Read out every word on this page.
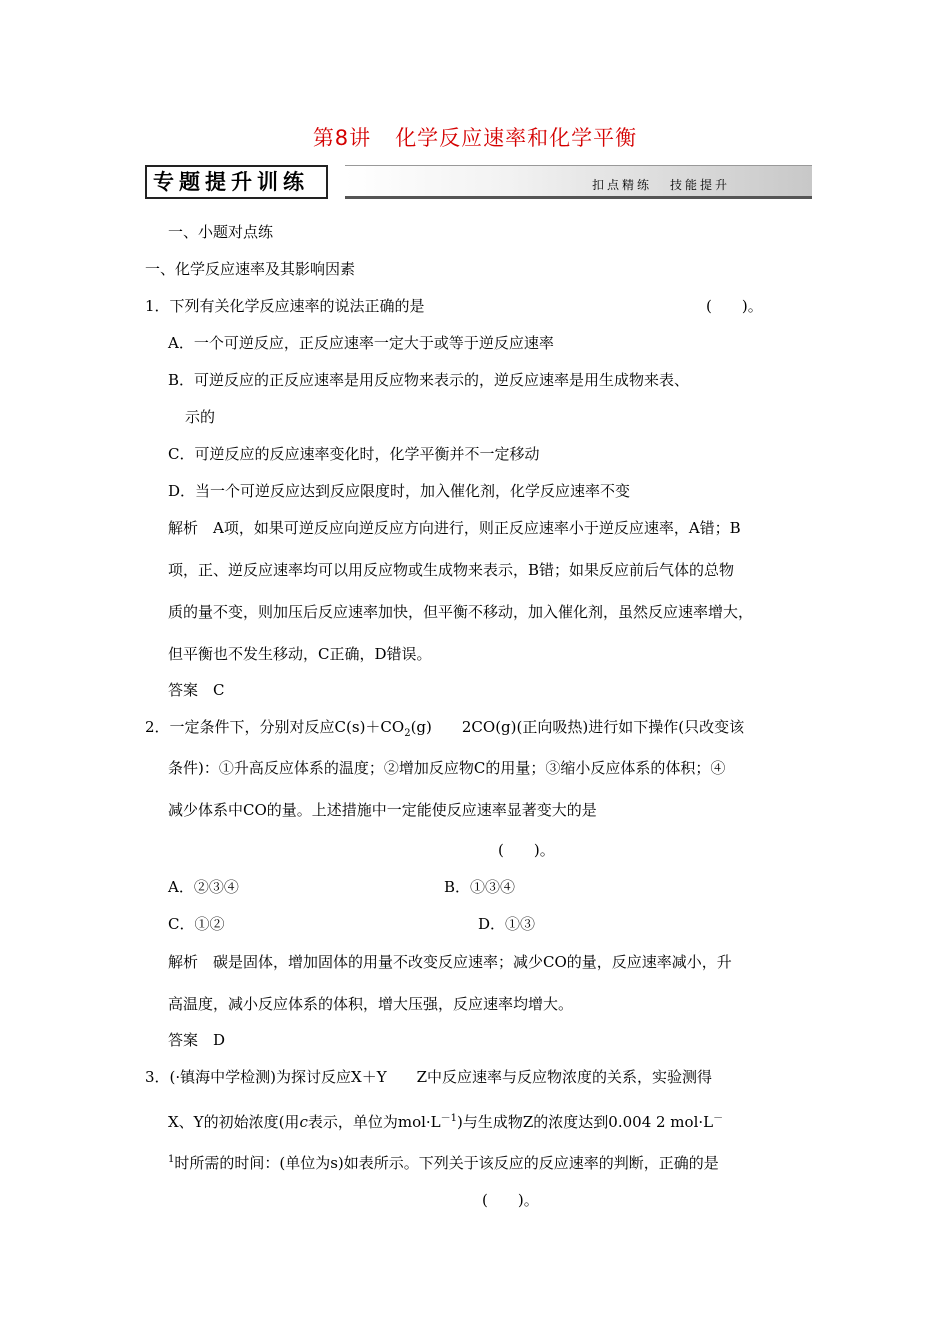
第8讲 化学反应速率和化学平衡
专题提升训练	扣点精练 技能提升
一、小题对点练
一、化学反应速率及其影响因素
1．下列有关化学反应速率的说法正确的是	(　　)。
A．一个可逆反应，正反应速率一定大于或等于逆反应速率
B．可逆反应的正反应速率是用反应物来表示的，逆反应速率是用生成物来表、
示的
C．可逆反应的反应速率变化时，化学平衡并不一定移动
D．当一个可逆反应达到反应限度时，加入催化剂，化学反应速率不变
解析　A项，如果可逆反应向逆反应方向进行，则正反应速率小于逆反应速率，A错；B
项，正、逆反应速率均可以用反应物或生成物来表示，B错；如果反应前后气体的总物
质的量不变，则加压后反应速率加快，但平衡不移动，加入催化剂，虽然反应速率增大，
但平衡也不发生移动，C正确，D错误。
答案　C
2．一定条件下，分别对反应$C(s)+CO_2(g)$　　2CO(g)(正向吸热)进行如下操作(只改变该
条件)：①升高反应体系的温度；②增加反应物C的用量；③缩小反应体系的体积；④
减少体系中CO的量。上述措施中一定能使反应速率显著变大的是
(　　)。
A．②③④	B．①③④
C．①②	D．①③
解析　碳是固体，增加固体的用量不改变反应速率；减少CO的量，反应速率减小，升
高温度，减小反应体系的体积，增大压强，反应速率均增大。
答案　D
3．(·镇海中学检测)为探讨反应X＋Y　　Z中反应速率与反应物浓度的关系，实验测得
X、Y的初始浓度(用c表示，单位为$mol\cdot L^{-1}$)与生成物Z的浓度达到0.004 2 mol·L－
$^1$时所需的时间：(单位为s)如表所示。下列关于该反应的反应速率的判断，正确的是
(　　)。
